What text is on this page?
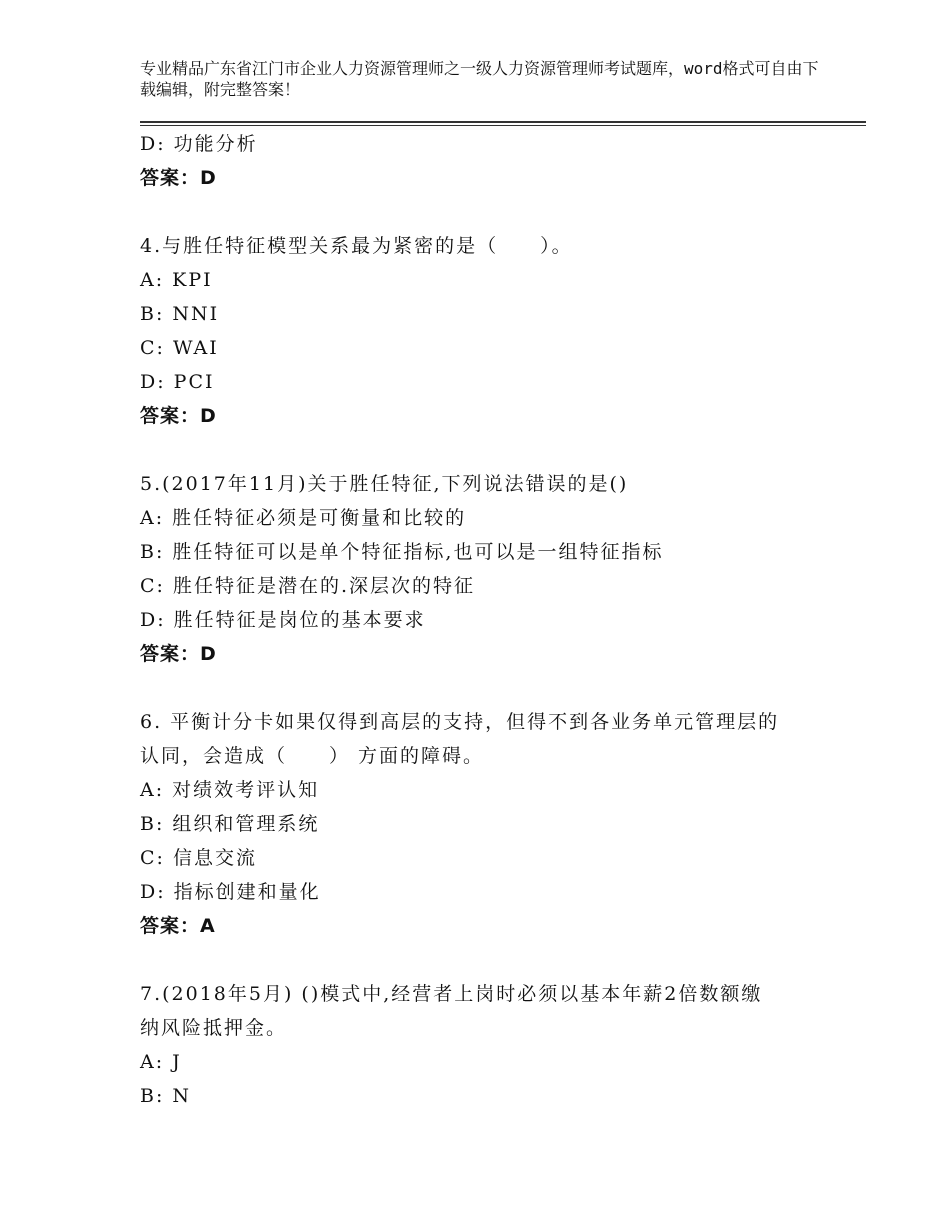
专业精品广东省江门市企业人力资源管理师之一级人力资源管理师考试题库，word格式可自由下载编辑，附完整答案！
D: 功能分析
答案：D
4.与胜任特征模型关系最为紧密的是（　　）。
A: KPI
B: NNI
C: WAI
D: PCI
答案：D
5.(2017年11月)关于胜任特征,下列说法错误的是()
A: 胜任特征必须是可衡量和比较的
B: 胜任特征可以是单个特征指标,也可以是一组特征指标
C: 胜任特征是潜在的.深层次的特征
D: 胜任特征是岗位的基本要求
答案：D
6. 平衡计分卡如果仅得到高层的支持，但得不到各业务单元管理层的
认同，会造成（　　） 方面的障碍。
A: 对绩效考评认知
B: 组织和管理系统
C: 信息交流
D: 指标创建和量化
答案：A
7.(2018年5月) ()模式中,经营者上岗时必须以基本年薪2倍数额缴
纳风险抵押金。
A: J
B: N
